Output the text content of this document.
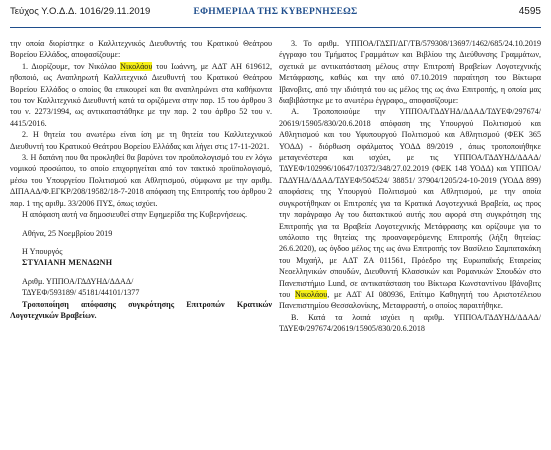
Τεύχος Υ.Ο.Δ.Δ. 1016/29.11.2019	ΕΦΗΜΕΡΙΔΑ ΤΗΣ ΚΥΒΕΡΝΗΣΕΩΣ	4595

την οποία διορίστηκε ο Καλλιτεχνικός Διευθυντής του Κρατικού Θεάτρου Βορείου Ελλάδος, αποφασίζουμε:

1. Διορίζουμε, τον Νικόλαο Νικολάου του Ιωάννη, με ΑΔΤ ΑΗ 619612, ηθοποιό, ως Αναπληρωτή Καλλιτεχνικό Διευθυντή του Κρατικού Θεάτρου Βορείου Ελλάδος ο οποίος θα επικουρεί και θα αναπληρώνει στα καθήκοντα του τον Καλλιτεχνικό Διευθυντή κατά τα οριζόμενα στην παρ. 15 του άρθρου 3 του ν. 2273/1994, ως αντικαταστάθηκε με την παρ. 2 του άρθρο 52 του ν. 4415/2016.

2. Η θητεία του ανωτέρω είναι ίση με τη θητεία του Καλλιτεχνικού Διευθυντή του Κρατικού Θεάτρου Βορείου Ελλάδας και λήγει στις 17-11-2021.

3. Η δαπάνη που θα προκληθεί θα βαρύνει τον προϋπολογισμό του εν λόγω νομικού προσώπου, το οποίο επιχορηγείται από τον τακτικό προϋπολογισμό, μέσω του Υπουργείου Πολιτισμού και Αθλητισμού, σύμφωνα με την αριθμ. ΔΙΠΑΑΔ/Φ.ΕΓΚΡ/208/19582/18-7-2018 απόφαση της Επιτροπής του άρθρου 2 παρ. 1 της αριθμ. 33/2006 ΠΥΣ, όπως ισχύει.

Η απόφαση αυτή να δημοσιευθεί στην Εφημερίδα της Κυβερνήσεως.

Αθήνα, 25 Νοεμβρίου 2019

Η Υπουργός

ΣΤΥΛΙΑΝΗ ΜΕΝΔΩΝΗ

Αριθμ. ΥΠΠΟΑ/ΓΔΔΥΗΔ/ΔΔΑΔ/

ΤΔΥΕΦ/593189/ 45181/44101/1377

Τροποποίηση απόφασης συγκρότησης Επιτροπών Κρατικών Λογοτεχνικών Βραβείων.

3. Το αριθμ. ΥΠΠΟΑ/ΓΔΣΠ/ΔΓ/ΤΒ/579308/13697/1462/685/24.10.2019 έγγραφο του Τμήματος Γραμμάτων και Βιβλίου της Διεύθυνσης Γραμμάτων, σχετικά με αντικατάσταση μέλους στην Επιτροπή Βραβείων Λογοτεχνικής Μετάφρασης, καθώς και την από 07.10.2019 παραίτηση του Βίκτωρα Ιβανοβιτς, από την ιδιότητά του ως μέλος της ως άνω Επιτροπής, η οποία μας διαβιβάστηκε με το ανωτέρω έγγραφο,, αποφασίζουμε:

Α. Τροποποιούμε την ΥΠΠΟΑ/ΓΔΔΥΗΔ/ΔΔΑΔ/ΤΔΥΕΦ/297674/ 20619/15905/830/20.6.2018 απόφαση της Υπουργού Πολιτισμού και Αθλητισμού και του Υφυπουργού Πολιτισμού και Αθλητισμού (ΦΕΚ 365 ΥΟΔΔ) - διόρθωση σφάλματος ΥΟΔΔ 89/2019 , όπως τροποποιήθηκε μεταγενέστερα και ισχύει, με τις ΥΠΠΟΑ/ΓΔΔΥΗΔ/ΔΔΑΔ/ΤΔΥΕΦ/102996/10647/10372/348/27.02.2019 (ΦΕΚ 148 ΥΟΔΔ) και ΥΠΠΟΑ/ΓΔΔΥΗΔ/ΔΔΑΔ/ΤΔΥΕΦ/504524/ 38851/ 37904/1205/24-10-2019 (ΥΟΔΔ 899) αποφάσεις της Υπουργού Πολιτισμού και Αθλητισμού, με την οποία συγκροτήθηκαν οι Επιτροπές για τα Κρατικά Λογοτεχνικά Βραβεία, ως προς την παράγραφο Αγ του διατακτικού αυτής που αφορά στη συγκρότηση της Επιτροπής για τα Βραβεία Λογοτεχνικής Μετάφρασης και ορίζουμε για το υπόλοιπο της θητείας της προαναφερόμενης Επιτροπής (λήξη θητείας: 26.6.2020), ως όγδοο μέλος της ως άνω Επιτροπής τον Βασίλειο Σαμπατακάκη του Μιχαήλ, με ΑΔΤ ΖΑ 011561, Πρόεδρο της Ευρωπαϊκής Εταιρείας Νεοελληνικών σπουδών, Διευθυντή Κλασσικών και Ρομανικών Σπουδών στο Πανεπιστήμιο Lund, σε αντικατάσταση του Βίκτωρα Κωνσταντίνου Ιβάνοβιτς του Νικολάου, με ΑΔΤ ΑΙ 080936, Επίτιμο Καθηγητή του Αριστοτέλειου Πανεπιστημίου Θεσσαλονίκης, Μεταφραστή, ο οποίος παραιτήθηκε.

Β. Κατά τα λοιπά ισχύει η αριθμ. ΥΠΠΟΑ/ΓΔΔΥΗΔ/ΔΔΑΔ/ΤΔΥΕΦ/297674/20619/15905/830/20.6.2018
